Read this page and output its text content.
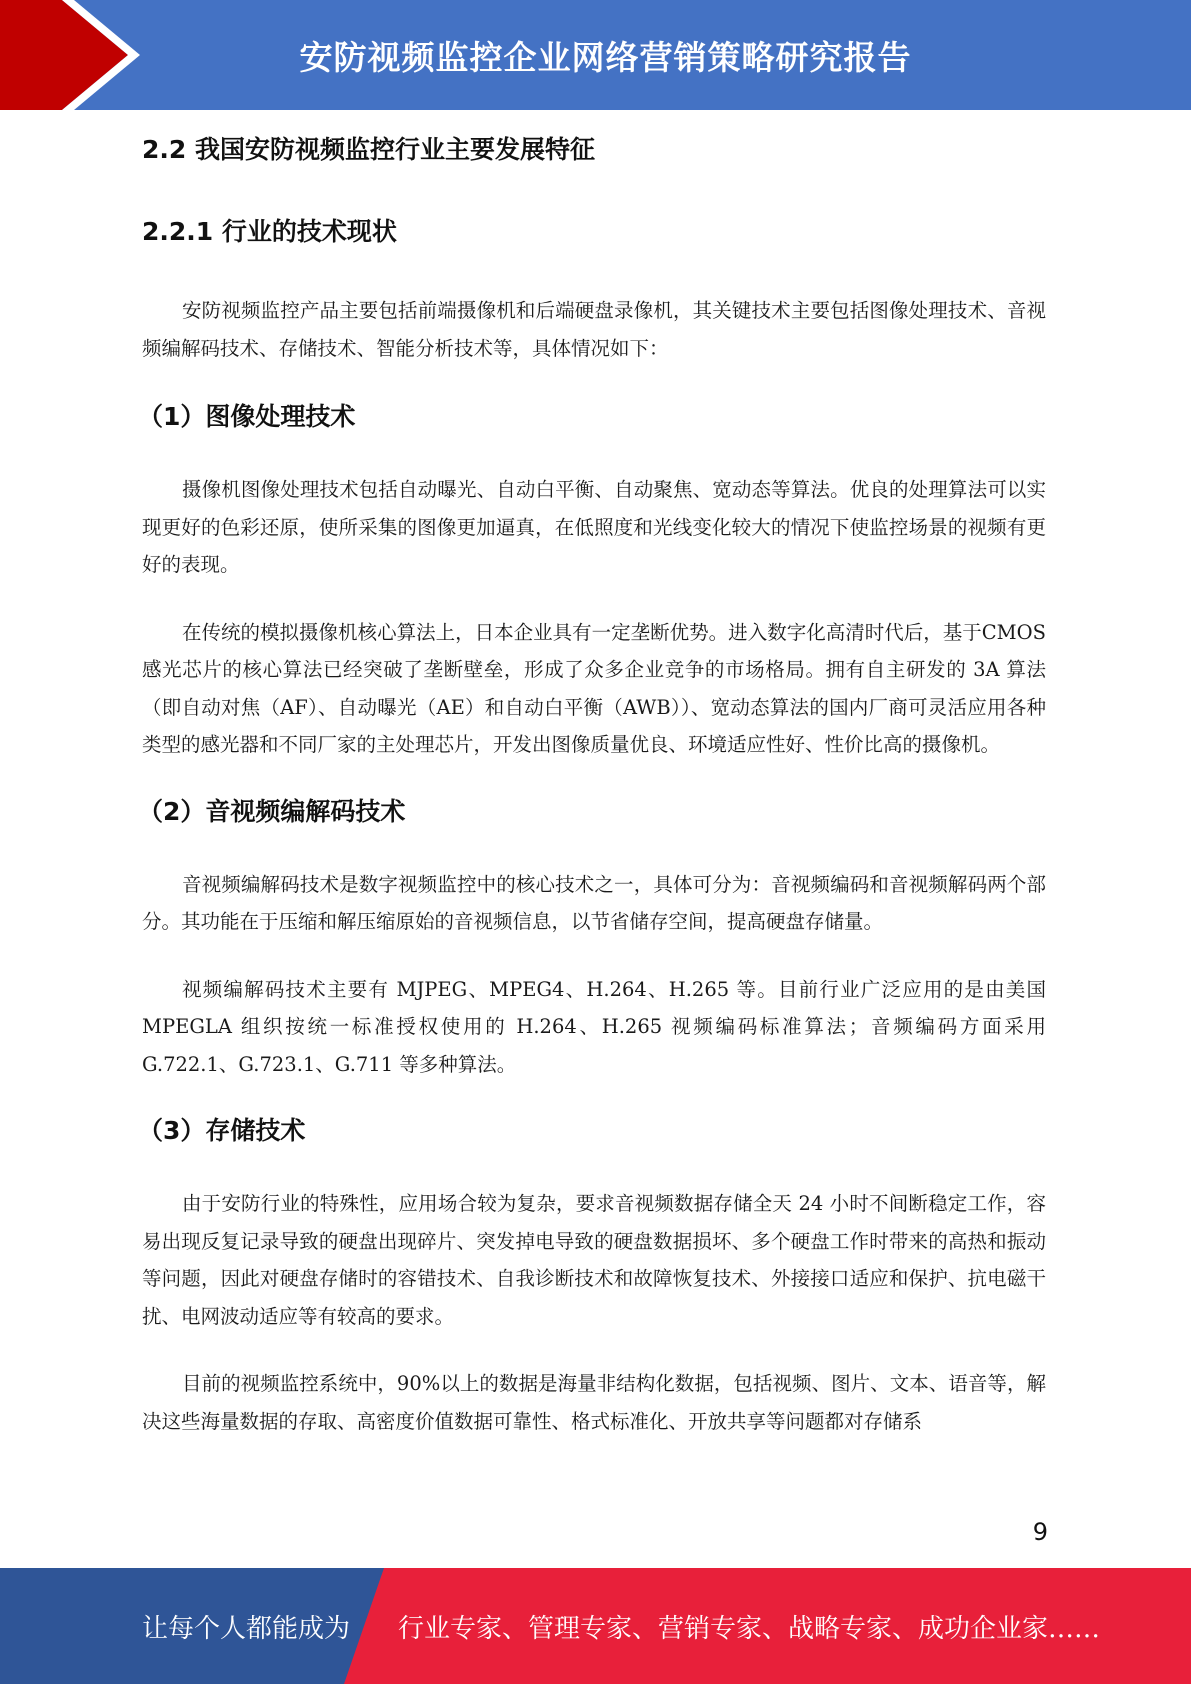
安防视频监控企业网络营销策略研究报告
2.2 我国安防视频监控行业主要发展特征
2.2.1 行业的技术现状

安防视频监控产品主要包括前端摄像机和后端硬盘录像机，其关键技术主要包括图像处理技术、音视频编解码技术、存储技术、智能分析技术等，具体情况如下：

（1）图像处理技术

摄像机图像处理技术包括自动曝光、自动白平衡、自动聚焦、宽动态等算法。优良的处理算法可以实现更好的色彩还原，使所采集的图像更加逼真，在低照度和光线变化较大的情况下使监控场景的视频有更好的表现。

在传统的模拟摄像机核心算法上，日本企业具有一定垄断优势。进入数字化高清时代后，基于CMOS 感光芯片的核心算法已经突破了垄断壁垒，形成了众多企业竞争的市场格局。拥有自主研发的 3A 算法（即自动对焦（AF）、自动曝光（AE）和自动白平衡（AWB））、宽动态算法的国内厂商可灵活应用各种类型的感光器和不同厂家的主处理芯片，开发出图像质量优良、环境适应性好、性价比高的摄像机。

（2）音视频编解码技术

音视频编解码技术是数字视频监控中的核心技术之一，具体可分为：音视频编码和音视频解码两个部分。其功能在于压缩和解压缩原始的音视频信息，以节省储存空间，提高硬盘存储量。

视频编解码技术主要有 MJPEG、MPEG4、H.264、H.265 等。目前行业广泛应用的是由美国 MPEGLA 组织按统一标准授权使用的 H.264、H.265 视频编码标准算法；音频编码方面采用 G.722.1、G.723.1、G.711 等多种算法。

（3）存储技术

由于安防行业的特殊性，应用场合较为复杂，要求音视频数据存储全天 24 小时不间断稳定工作，容易出现反复记录导致的硬盘出现碎片、突发掉电导致的硬盘数据损坏、多个硬盘工作时带来的高热和振动等问题，因此对硬盘存储时的容错技术、自我诊断技术和故障恢复技术、外接接口适应和保护、抗电磁干扰、电网波动适应等有较高的要求。

目前的视频监控系统中，90%以上的数据是海量非结构化数据，包括视频、图片、文本、语音等，解决这些海量数据的存取、高密度价值数据可靠性、格式标准化、开放共享等问题都对存储系

9
让每个人都能成为 行业专家、管理专家、营销专家、战略专家、成功企业家……
